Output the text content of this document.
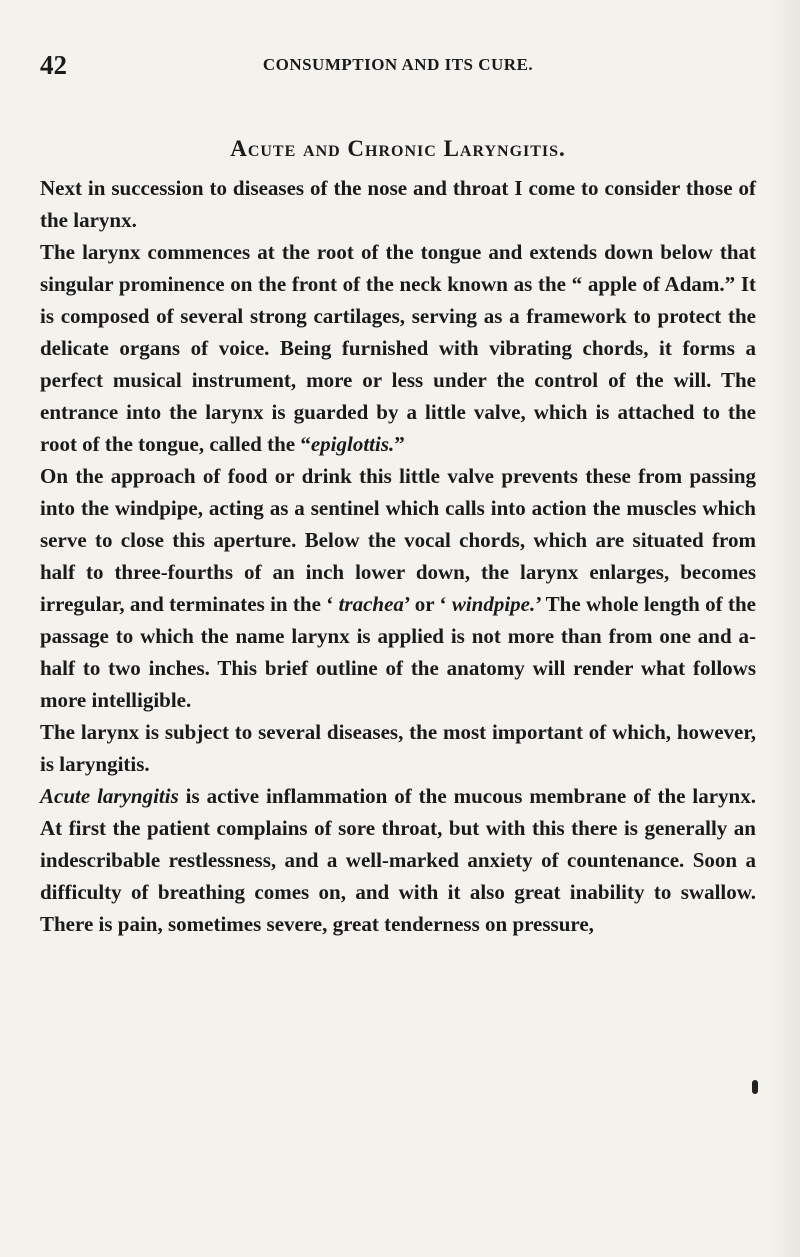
42	CONSUMPTION AND ITS CURE.
Acute and Chronic Laryngitis.

Next in succession to diseases of the nose and throat I come to consider those of the larynx.

The larynx commences at the root of the tongue and extends down below that singular prominence on the front of the neck known as the “ apple of Adam.” It is composed of several strong cartilages, serving as a framework to protect the delicate organs of voice. Being furnished with vibrating chords, it forms a perfect musical instrument, more or less under the control of the will. The entrance into the larynx is guarded by a little valve, which is attached to the root of the tongue, called the “epiglottis.”

On the approach of food or drink this little valve prevents these from passing into the windpipe, acting as a sentinel which calls into action the muscles which serve to close this aperture. Below the vocal chords, which are situated from half to three-fourths of an inch lower down, the larynx enlarges, becomes irregular, and terminates in the ‘ trachea’ or ‘ windpipe.’ The whole length of the passage to which the name larynx is applied is not more than from one and a-half to two inches. This brief outline of the anatomy will render what follows more intelligible.

The larynx is subject to several diseases, the most important of which, however, is laryngitis.

Acute laryngitis is active inflammation of the mucous membrane of the larynx. At first the patient complains of sore throat, but with this there is generally an indescribable restlessness, and a well-marked anxiety of countenance. Soon a difficulty of breathing comes on, and with it also great inability to swallow. There is pain, sometimes severe, great tenderness on pressure,
